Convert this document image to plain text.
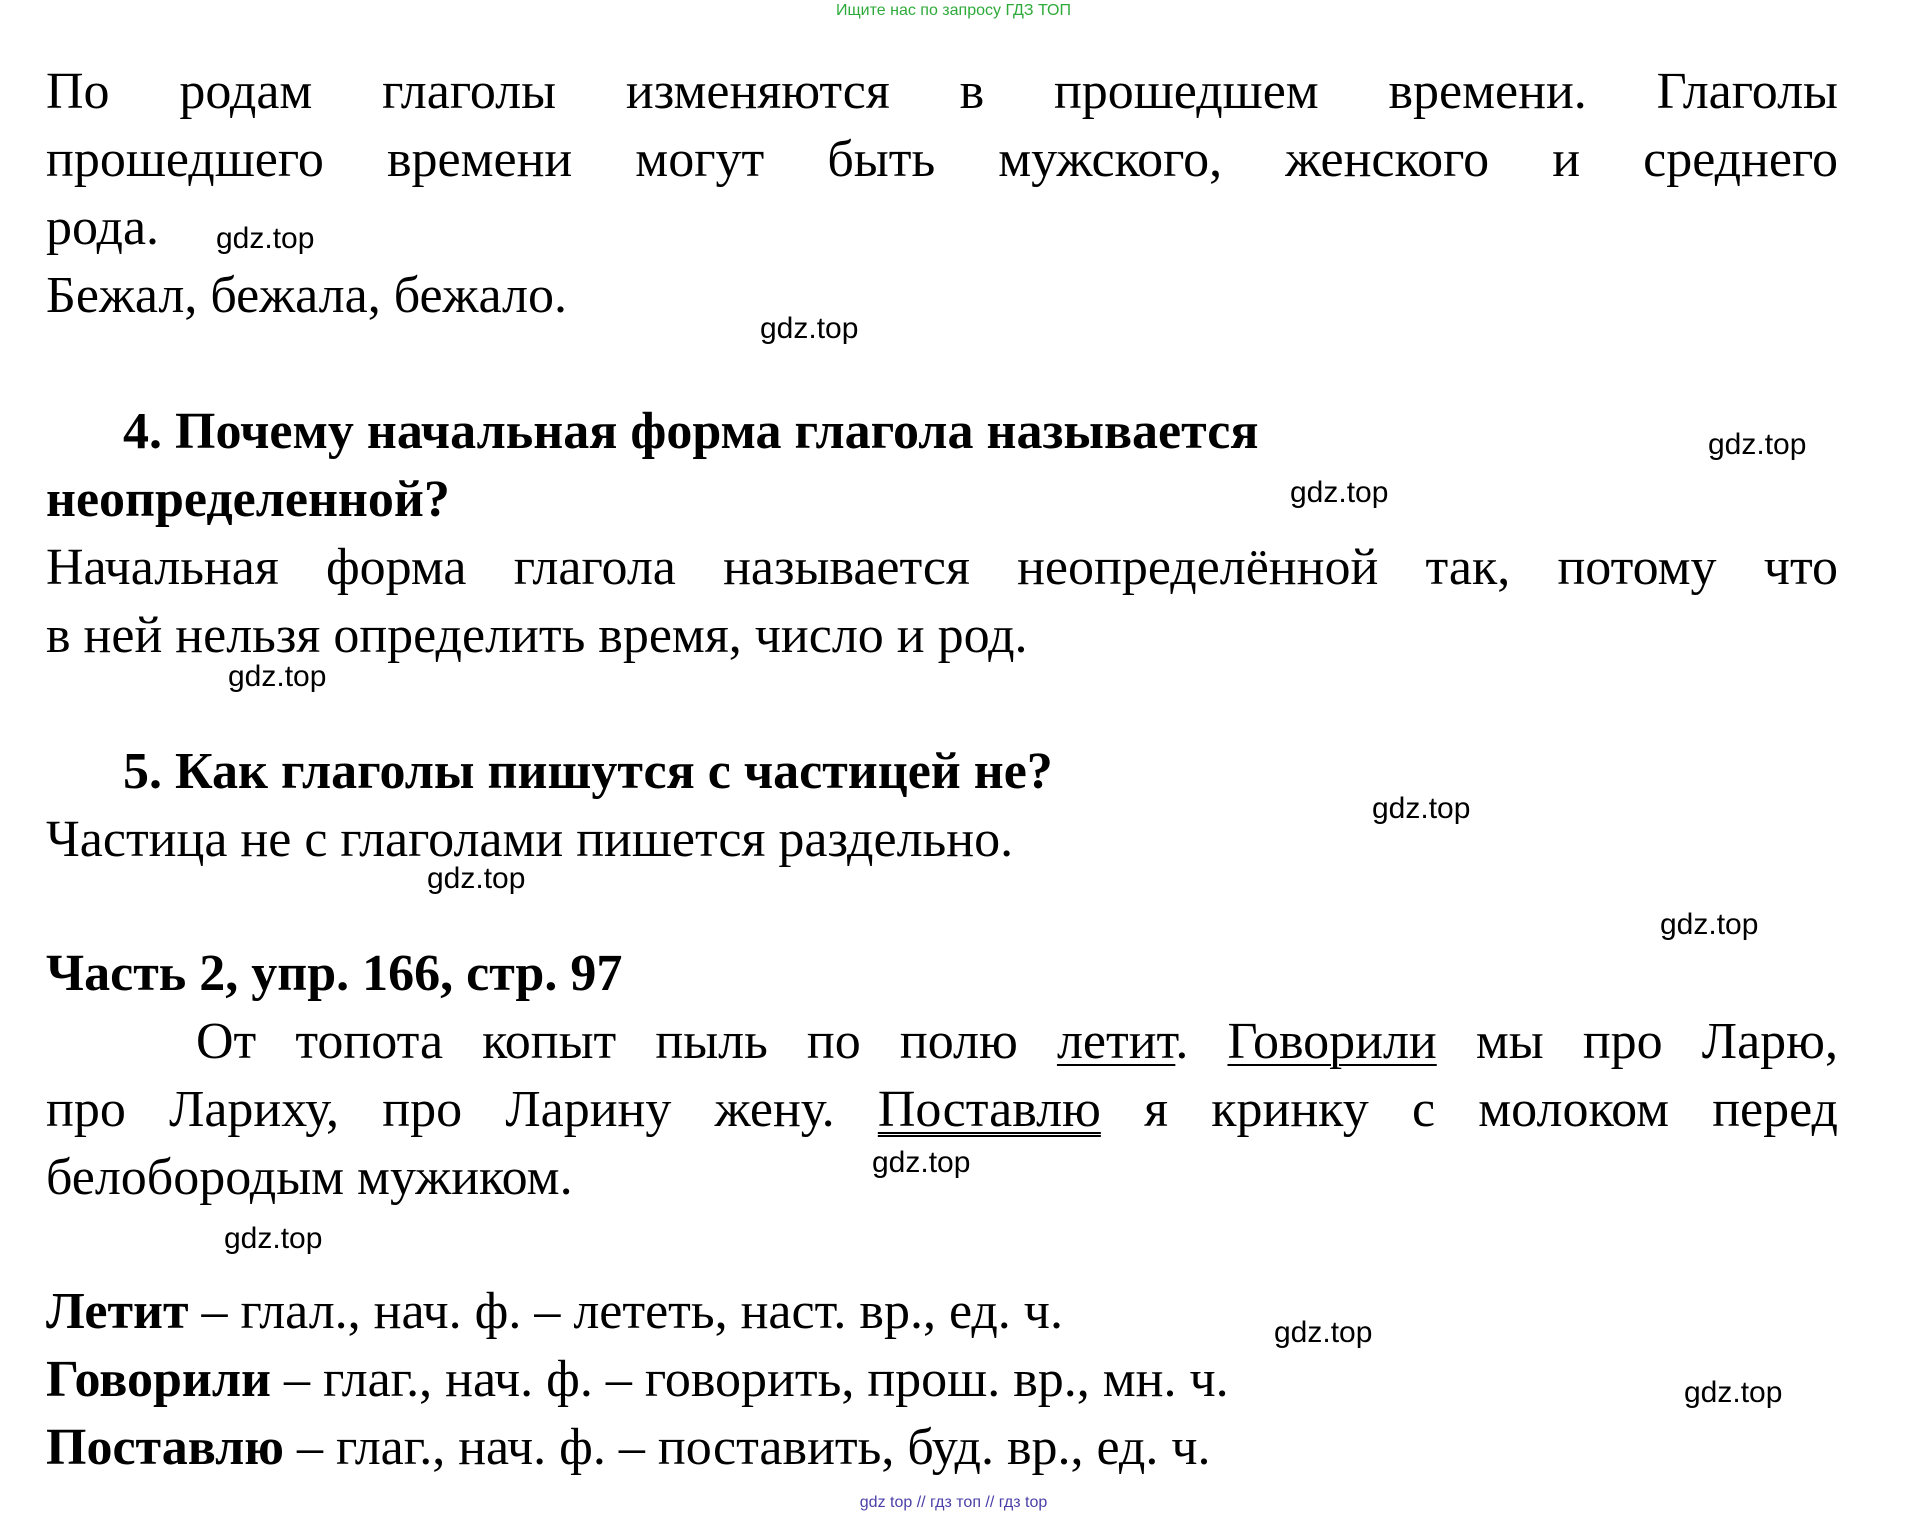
Ищите нас по запросу ГДЗ ТОП
По родам глаголы изменяются в прошедшем времени. Глаголы
прошедшего времени могут быть мужского, женского и среднего
рода.
Бежал, бежала, бежало.
4. Почему начальная форма глагола называется
неопределенной?
Начальная форма глагола называется неопределённой так, потому что
в ней нельзя определить время, число и род.
5. Как глаголы пишутся с частицей не?
Частица не с глаголами пишется раздельно.
Часть 2, упр. 166, стр. 97
От топота копыт пыль по полю летит. Говорили мы про Ларю,
про Лариху, про Ларину жену. Поставлю я кринку с молоком перед
белобородым мужиком.
Летит – глал., нач. ф. – лететь, наст. вр., ед. ч.
Говорили – глаг., нач. ф. – говорить, прош. вр., мн. ч.
Поставлю – глаг., нач. ф. – поставить, буд. вр., ед. ч.
gdz.top
gdz.top
gdz.top
gdz.top
gdz.top
gdz.top
gdz.top
gdz.top
gdz.top
gdz.top
gdz.top
gdz.top
gdz top // гдз топ // гдз top
